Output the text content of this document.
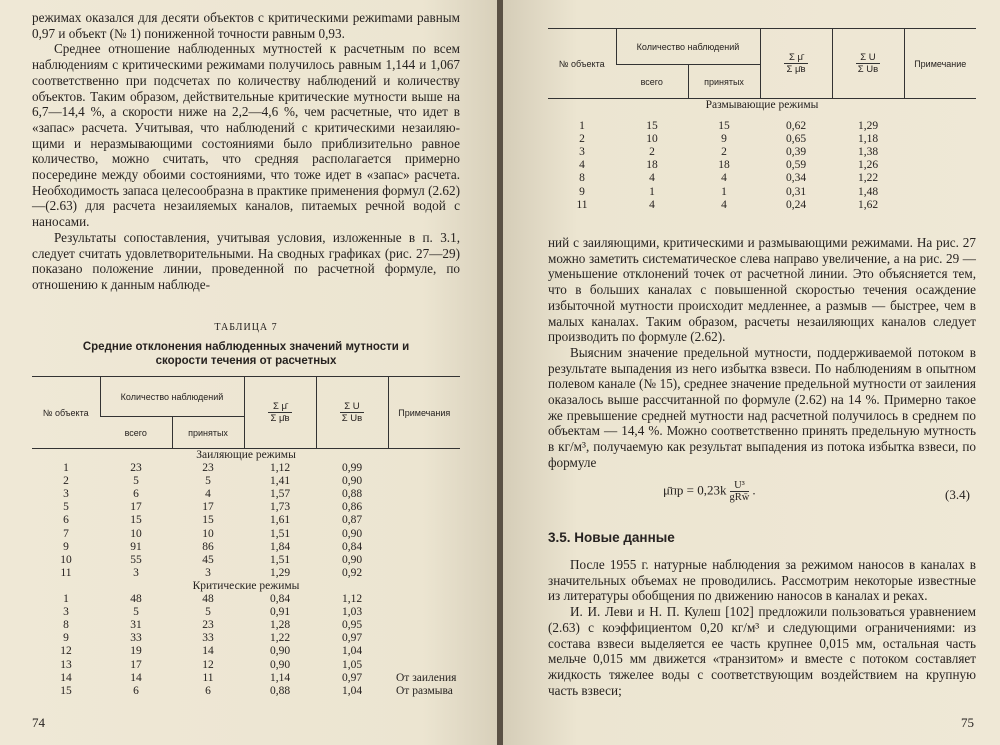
режимах оказался для десяти объектов с критическими режиmами равным 0,97 и объект (№ 1) пониженной точности равным 0,93.

Среднее отношение наблюденных мутностей к расчетным по всем наблюдениям с критическими режимами получилось равным 1,144 и 1,067 соответственно при подсчетах по количеству наблюдений и количеству объектов. Таким образом, действительные критические мутности выше на 6,7—14,4 %, а скорости ниже на 2,2—4,6 %, чем расчетные, что идет в «запас» расчета. Учитывая, что наблюдений с критическими незаиляющими и неразмывающими состояниями было приблизительно равное количество, можно считать, что средняя располагается примерно посередине между обоими состояниями, что тоже идет в «запас» расчета. Необходимость запаса целесообразна в практике применения формул (2.62)—(2.63) для расчета незаиляемых каналов, питаемых речной водой с наносами.

Результаты сопоставления, учитывая условия, изложенные в п. 3.1, следует считать удовлетворительными. На сводных графиках (рис. 27—29) показано положение линии, проведенной по расчетной формуле, по отношению к данным наблюде-

ТАБЛИЦА 7

Средние отклонения наблюденных значений мутности и скорости течения от расчетных

№ объекта	Количество наблюдений		$\frac{\text{Σ μ̄}}{\text{Σ μ̄в}}$	$\frac{\text{Σ U}}{\text{Σ Uв}}$	Примечания
	всего	принятых			
Заиляющие режимы					
1	23	23	1,12	0,99	
2	5	5	1,41	0,90	
3	6	4	1,57	0,88	
5	17	17	1,73	0,86	
6	15	15	1,61	0,87	
7	10	10	1,51	0,90	
9	91	86	1,84	0,84	
10	55	45	1,51	0,90	
11	3	3	1,29	0,92	
Критические режимы					
1	48	48	0,84	1,12	
3	5	5	0,91	1,03	
8	31	23	1,28	0,95	
9	33	33	1,22	0,97	
12	19	14	0,90	1,04	
13	17	12	0,90	1,05	
14	14	11	1,14	0,97	От заиления
15	6	6	0,88	1,04	От размыва
74
№ объекта	Количество наблюдений		$\frac{\text{Σ μ̄}}{\text{Σ μ̄в}}$	$\frac{\text{Σ U}}{\text{Σ Uв}}$	Примечание
	всего	принятых			
Размывающие режимы					

1	15	15	0,62	1,29	
2	10	9	0,65	1,18	
3	2	2	0,39	1,38	
4	18	18	0,59	1,26	
8	4	4	0,34	1,22	
9	1	1	0,31	1,48	
11	4	4	0,24	1,62	

ний с заиляющими, критическими и размывающими режимами. На рис. 27 можно заметить систематическое слева направо увеличение, а на рис. 29 — уменьшение отклонений точек от расчетной линии. Это объясняется тем, что в больших каналах с повышенной скоростью течения осаждение избыточной мутности происходит медленнее, а размыв — быстрее, чем в малых каналах. Таким образом, расчеты незаиляющих каналов следует производить по формуле (2.62).

Выясним значение предельной мутности, поддерживаемой потоком в результате выпадения из него избытка взвеси. По наблюдениям в опытном полевом канале (№ 15), среднее значение предельной мутности от заиления оказалось выше рассчитанной по формуле (2.62) на 14 %. Примерно такое же превышение средней мутности над расчетной получилось в среднем по объектам — 14,4 %. Можно соответственно принять предельную мутность в кг/м³, получаемую как результат выпадения из потока избытка взвеси, по формуле

μ̄пр = 0,23k U³
gRw̄
.	(3.4)
3.5. Новые данные

После 1955 г. натурные наблюдения за режимом наносов в каналах в значительных объемах не проводились. Рассмотрим некоторые известные из литературы обобщения по движению наносов в каналах и реках.

И. И. Леви и Н. П. Кулеш [102] предложили пользоваться уравнением (2.63) с коэффициентом 0,20 кг/м³ и следующими ограничениями: из состава взвеси выделяется ее часть крупнее 0,015 мм, остальная часть мельче 0,015 мм движется «транзитом» и вместе с потоком составляет жидкость тяжелее воды с соответствующим воздействием на крупную часть взвеси;

75
